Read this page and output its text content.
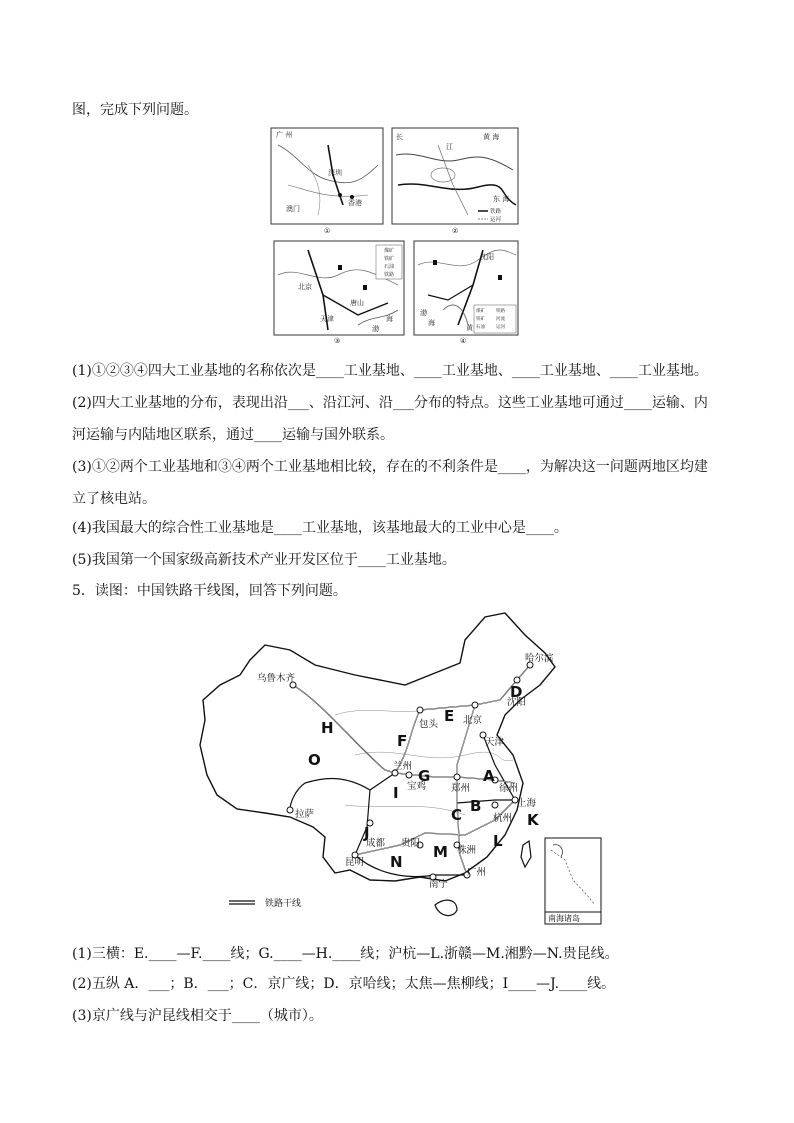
图，完成下列问题。
广 州
深圳
澳门
香港
①
长
江
黄 海
东 海
铁路
运河
②
北京
天津
唐山
渤
海
煤矿
铁矿
石油
铁路
③
沈阳
渤
海
黄
煤矿 铁路
铁矿 河流
石油 运河
④
(1)①②③④四大工业基地的名称依次是____工业基地、____工业基地、____工业基地、____工业基地。
(2)四大工业基地的分布，表现出沿___、沿江河、沿___分布的特点。这些工业基地可通过____运输、内
河运输与内陆地区联系，通过____运输与国外联系。
(3)①②两个工业基地和③④两个工业基地相比较，存在的不利条件是____，为解决这一问题两地区均建
立了核电站。
(4)我国最大的综合性工业基地是____工业基地，该基地最大的工业中心是____。
(5)我国第一个国家级高新技术产业开发区位于____工业基地。
5．读图：中国铁路干线图，回答下列问题。
乌鲁木齐
哈尔滨
沈阳
北京
天津
包头
兰州
宝鸡	郑州	徐州
上海
杭州
拉萨
成都 贵阳
株洲
昆明
南宁
广州
A
B
C
D
E
F
G
H
I
J
K
L
M
N
O
铁路干线
南海诸岛
(1)三横：E.____—F.____线；G.____—H.____线；沪杭—L.浙赣—M.湘黔—N.贵昆线。
(2)五纵 A．___；B．___；C．京广线；D．京哈线；太焦—焦柳线；I____—J.____线。
(3)京广线与沪昆线相交于____（城市）。
